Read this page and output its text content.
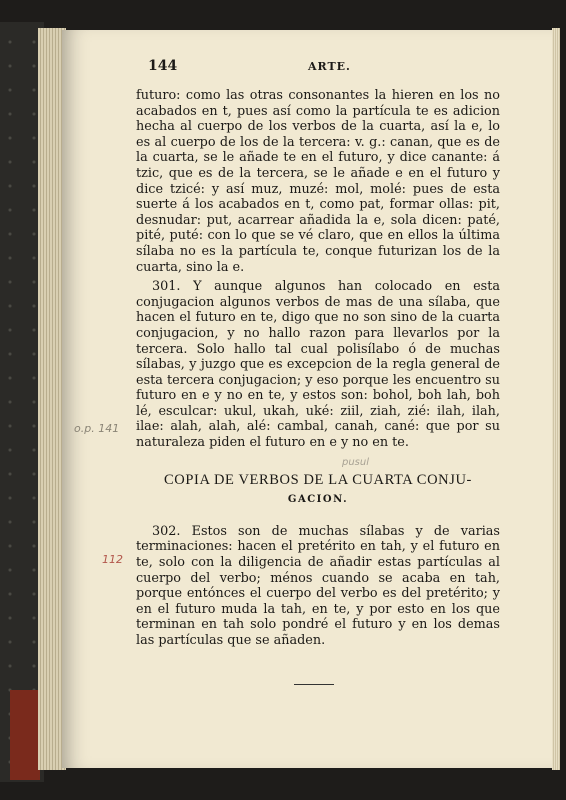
144	ARTE.

futuro: como las otras consonantes la hieren en los no acabados en t, pues así como la partícula te es adicion hecha al cuerpo de los verbos de la cuarta, así la e, lo es al cuerpo de los de la tercera: v. g.: canan, que es de la cuarta, se le añade te en el futuro, y dice canante: á tzic, que es de la tercera, se le añade e en el futuro y dice tzicé: y así muz, muzé: mol, molé: pues de esta suerte á los acabados en t, como pat, formar ollas: pit, desnudar: put, acarrear añadida la e, sola dicen: paté, pité, puté: con lo que se vé claro, que en ellos la última sílaba no es la partícula te, conque futurizan los de la cuarta, sino la e.

301. Y aunque algunos han colocado en esta conjugacion algunos verbos de mas de una sílaba, que hacen el futuro en te, digo que no son sino de la cuarta conjugacion, y no hallo razon para llevarlos por la tercera. Solo hallo tal cual polisílabo ó de muchas sílabas, y juzgo que es excepcion de la regla general de esta tercera conjugacion; y eso porque les encuentro su futuro en e y no en te, y estos son: bohol, boh lah, boh lé, esculcar: ukul, ukah, uké: ziil, ziah, zié: ilah, ilah, ilae: alah, alah, alé: cambal, canah, cané: que por su naturaleza piden el futuro en e y no en te.

COPIA DE VERBOS DE LA CUARTA CONJU-

GACION.

302. Estos son de muchas sílabas y de varias terminaciones: hacen el pretérito en tah, y el futuro en te, solo con la diligencia de añadir estas partículas al cuerpo del verbo; ménos cuando se acaba en tah, porque entónces el cuerpo del verbo es del pretérito; y en el futuro muda la tah, en te, y por esto en los que terminan en tah solo pondré el futuro y en los demas las partículas que se añaden.

o.p. 141
112
pusul
